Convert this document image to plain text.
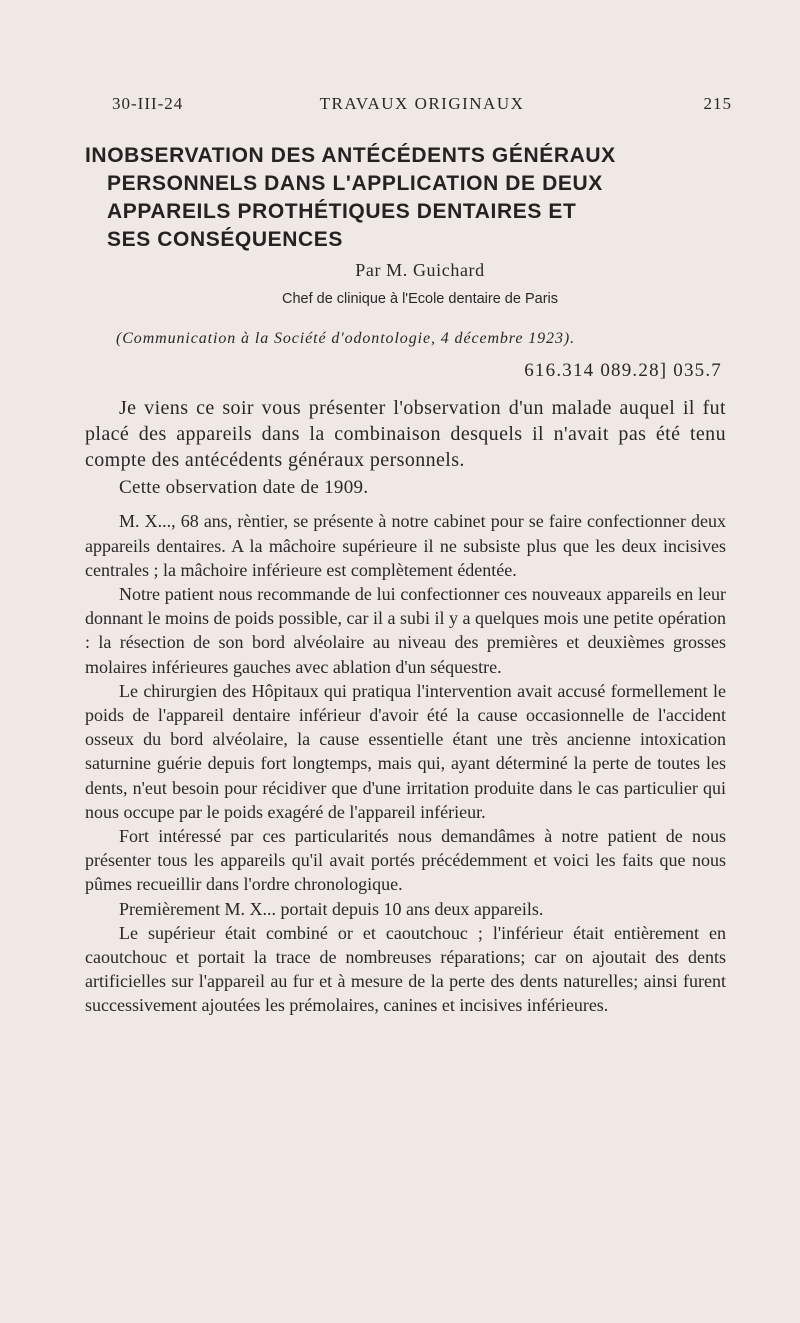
30-III-24	TRAVAUX ORIGINAUX	215
INOBSERVATION DES ANTÉCÉDENTS GÉNÉRAUX
PERSONNELS DANS L'APPLICATION DE DEUX
APPAREILS PROTHÉTIQUES DENTAIRES ET
SES CONSÉQUENCES
Par M. Guichard
Chef de clinique à l'Ecole dentaire de Paris
(Communication à la Société d'odontologie, 4 décembre 1923).
616.314 089.28] 035.7

Je viens ce soir vous présenter l'observation d'un malade auquel il fut placé des appareils dans la combinaison desquels il n'avait pas été tenu compte des antécédents généraux personnels.

Cette observation date de 1909.

M. X..., 68 ans, rèntier, se présente à notre cabinet pour se faire confectionner deux appareils dentaires. A la mâchoire supérieure il ne subsiste plus que les deux incisives centrales ; la mâchoire inférieure est complètement édentée.

Notre patient nous recommande de lui confectionner ces nouveaux appareils en leur donnant le moins de poids possible, car il a subi il y a quelques mois une petite opération : la résection de son bord alvéolaire au niveau des premières et deuxièmes grosses molaires inférieures gauches avec ablation d'un séquestre.

Le chirurgien des Hôpitaux qui pratiqua l'intervention avait accusé formellement le poids de l'appareil dentaire inférieur d'avoir été la cause occasionnelle de l'accident osseux du bord alvéolaire, la cause essentielle étant une très ancienne intoxication saturnine guérie depuis fort longtemps, mais qui, ayant déterminé la perte de toutes les dents, n'eut besoin pour récidiver que d'une irritation produite dans le cas particulier qui nous occupe par le poids exagéré de l'appareil inférieur.

Fort intéressé par ces particularités nous demandâmes à notre patient de nous présenter tous les appareils qu'il avait portés précédemment et voici les faits que nous pûmes recueillir dans l'ordre chronologique.

Premièrement M. X... portait depuis 10 ans deux appareils.

Le supérieur était combiné or et caoutchouc ; l'inférieur était entièrement en caoutchouc et portait la trace de nombreuses réparations; car on ajoutait des dents artificielles sur l'appareil au fur et à mesure de la perte des dents naturelles; ainsi furent successivement ajoutées les prémolaires, canines et incisives inférieures.
